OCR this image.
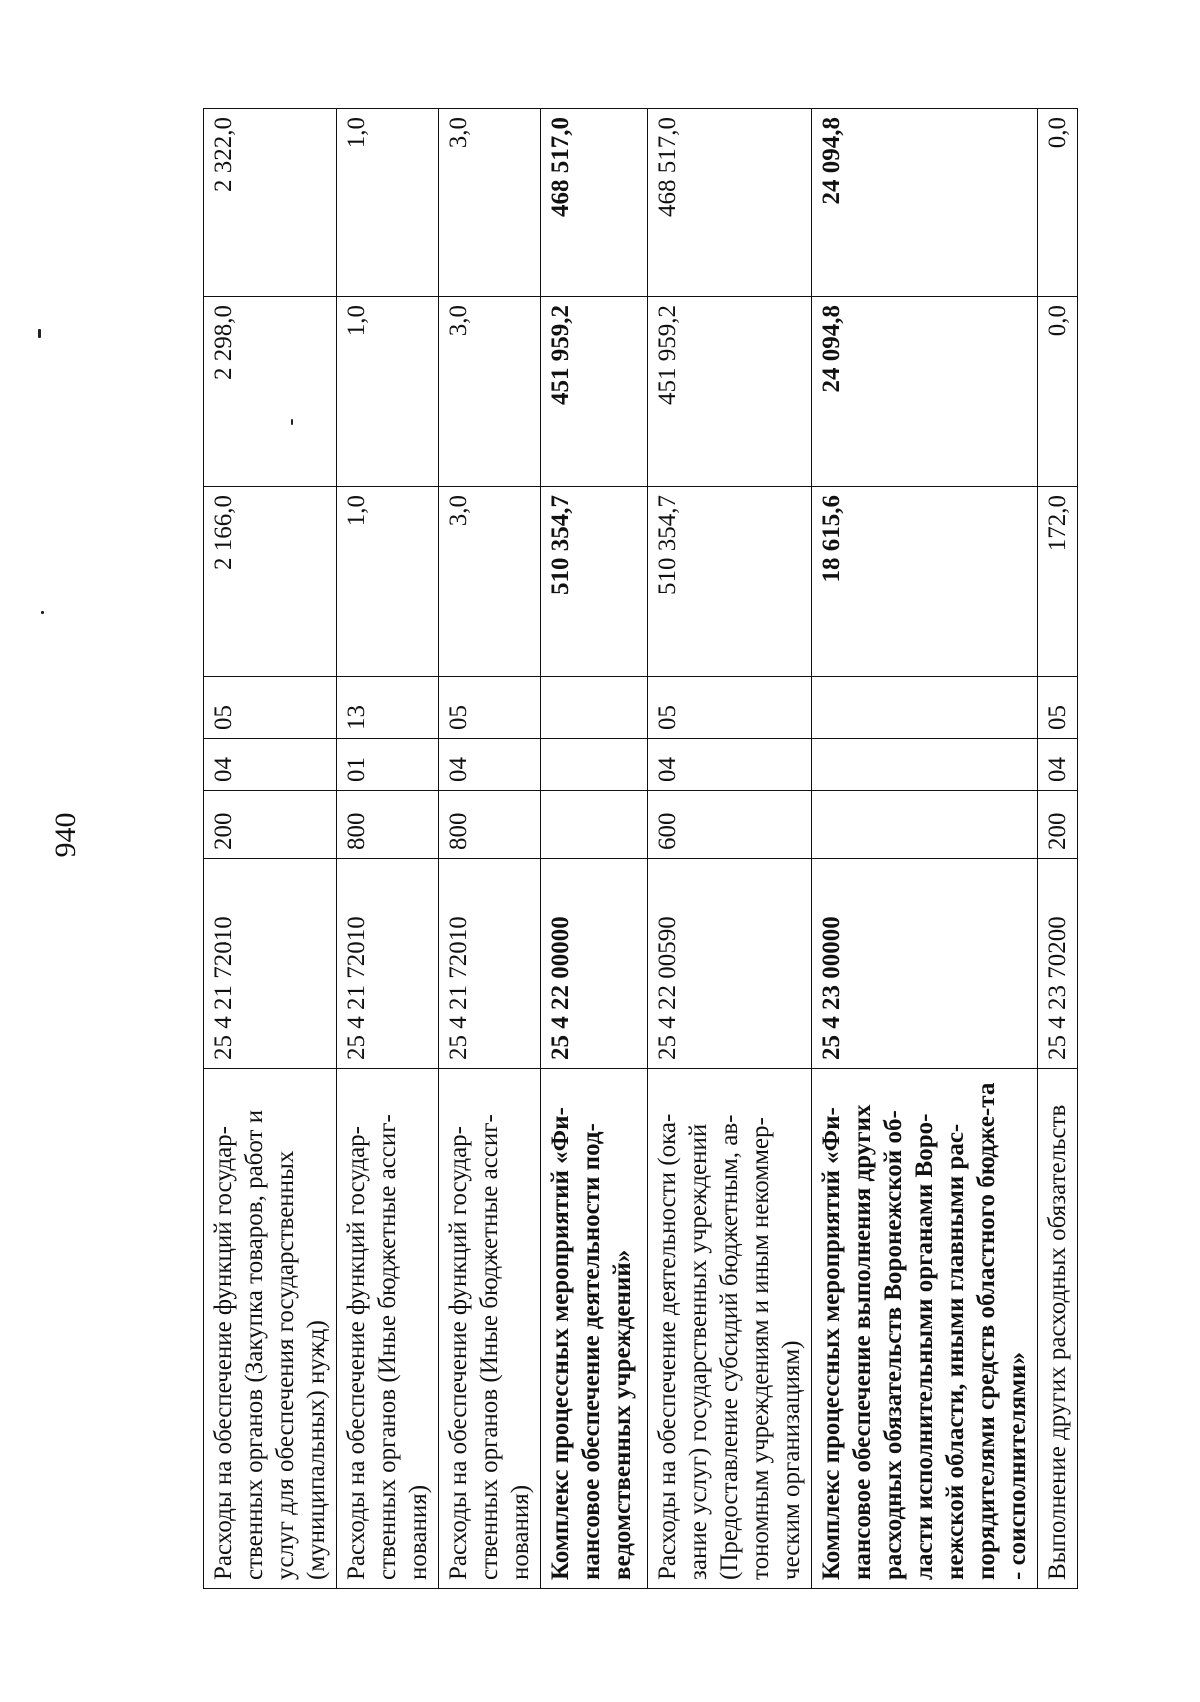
940
Расходы на обеспечение функций государ-ственных органов (Закупка товаров, работ и услуг для обеспечения государственных (муниципальных) нужд)	25 4 21 72010	200	04	05	2 166,0	2 298,0	2 322,0
Расходы на обеспечение функций государ-ственных органов (Иные бюджетные ассиг-нования)	25 4 21 72010	800	01	13	1,0	1,0	1,0
Расходы на обеспечение функций государ-ственных органов (Иные бюджетные ассиг-нования)	25 4 21 72010	800	04	05	3,0	3,0	3,0
Комплекс процессных мероприятий «Фи-нансовое обеспечение деятельности под-ведомственных учреждений»	25 4 22 00000				510 354,7	451 959,2	468 517,0
Расходы на обеспечение деятельности (ока-зание услуг) государственных учреждений (Предоставление субсидий бюджетным, ав-тономным учреждениям и иным некоммер-ческим организациям)	25 4 22 00590	600	04	05	510 354,7	451 959,2	468 517,0
Комплекс процессных мероприятий «Фи-нансовое обеспечение выполнения других расходных обязательств Воронежской об-ласти исполнительными органами Воро-нежской области, иными главными рас-порядителями средств областного бюдже-та - соисполнителями»	25 4 23 00000				18 615,6	24 094,8	24 094,8
Выполнение других расходных обязательств	25 4 23 70200	200	04	05	172,0	0,0	0,0
